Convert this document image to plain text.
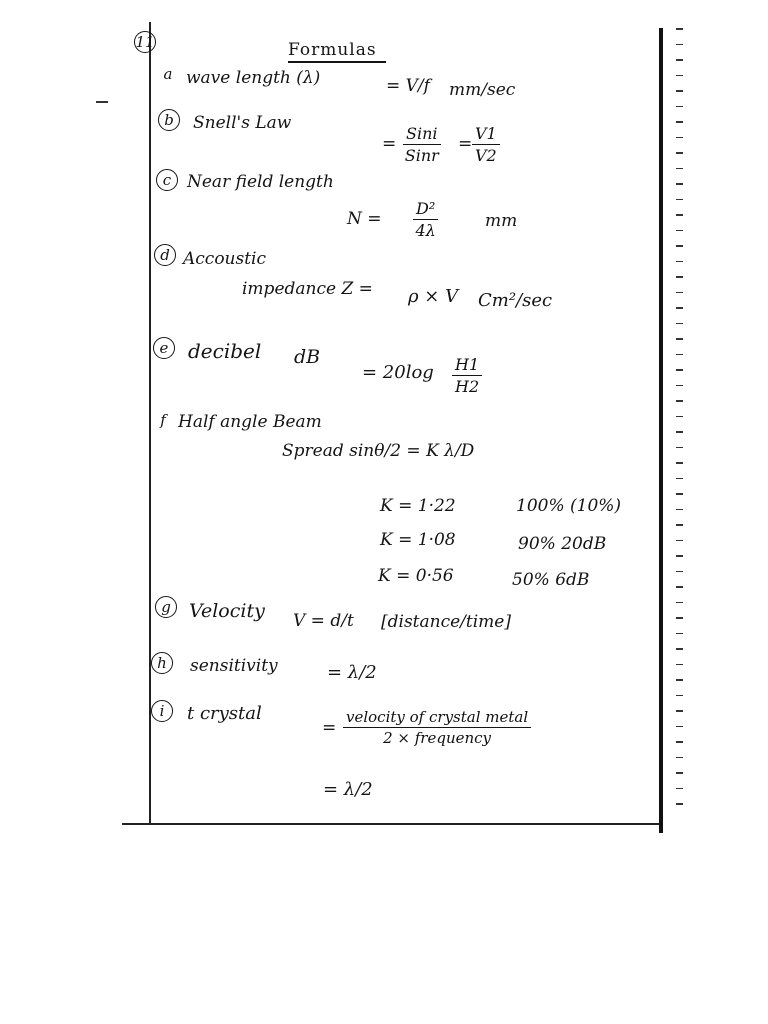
11	Formulas
a wave length (λ)	= V/f mm/sec
b	Snell's Law
=
Sini
Sinr
= $\frac{V1}{V2}$
c Near field length
$N = \frac{\text{D²}}{4\lambda}$	mm
d Accoustic
impedance Z = ρ × V Cm²/sec
e decibel dB
= $20\log \frac{H1}{H2}$
f Half angle Beam
Spread sinθ/2 = K λ/D
K = 1·22	100% (10%)
K = 1·08	90% 20dB
K = 0·56	50% 6dB
g Velocity V = d/t [distance/time]
h	sensitivity	= λ/2
i	t crystal
=
velocity of crystal metal
2 × frequency
= λ/2
